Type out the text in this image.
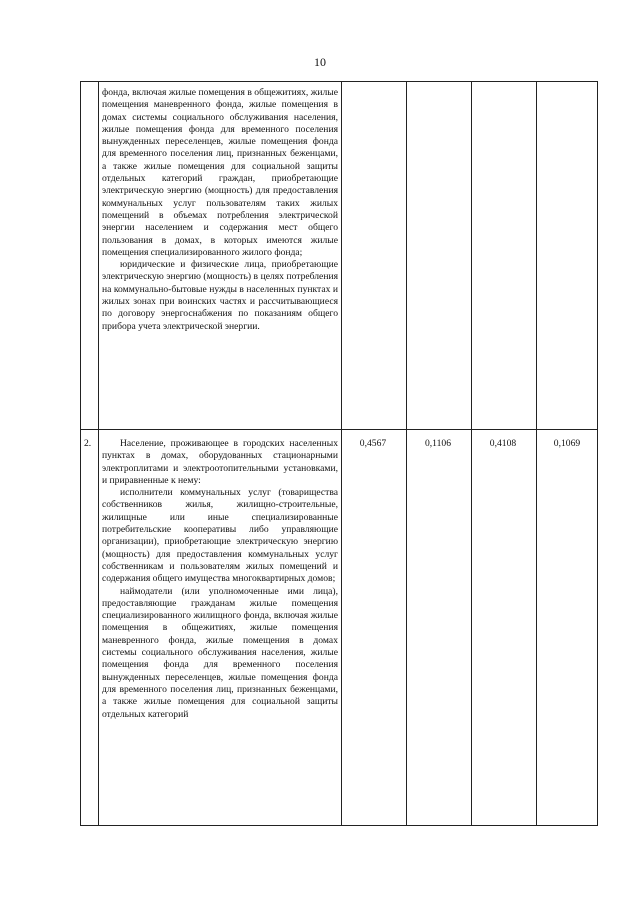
10

фонда, включая жилые помещения в общежитиях, жилые помещения маневренного фонда, жилые помещения в домах системы социального обслуживания населения, жилые помещения фонда для временного поселения вынужденных переселенцев, жилые помещения фонда для временного поселения лиц, признанных беженцами, а также жилые помещения для социальной защиты отдельных категорий граждан, приобретающие электрическую энергию (мощность) для предоставления коммунальных услуг пользователям таких жилых помещений в объемах потребления электрической энергии населением и содержания мест общего пользования в домах, в которых имеются жилые помещения специализированного жилого фонда;

юридические и физические лица, приобретающие электрическую энергию (мощность) в целях потребления на коммунально-бытовые нужды в населенных пунктах и жилых зонах при воинских частях и рассчитывающиеся по договору энергоснабжения по показаниям общего прибора учета электрической энергии.

2.	Население, проживающее в городских населенных пунктах в домах, оборудованных стационарными электроплитами и электроотопительными установками, и приравненные к нему:

исполнители коммунальных услуг (товарищества собственников жилья, жилищно-строительные, жилищные или иные специализированные потребительские кооперативы либо управляющие организации), приобретающие электрическую энергию (мощность) для предоставления коммунальных услуг собственникам и пользователям жилых помещений и содержания общего имущества многоквартирных домов;

наймодатели (или уполномоченные ими лица), предоставляющие гражданам жилые помещения специализированного жилищного фонда, включая жилые помещения в общежитиях, жилые помещения маневренного фонда, жилые помещения в домах системы социального обслуживания населения, жилые помещения фонда для временного поселения вынужденных переселенцев, жилые помещения фонда для временного поселения лиц, признанных беженцами, а также жилые помещения для социальной защиты отдельных категорий

0,4567	0,1106	0,4108	0,1069
